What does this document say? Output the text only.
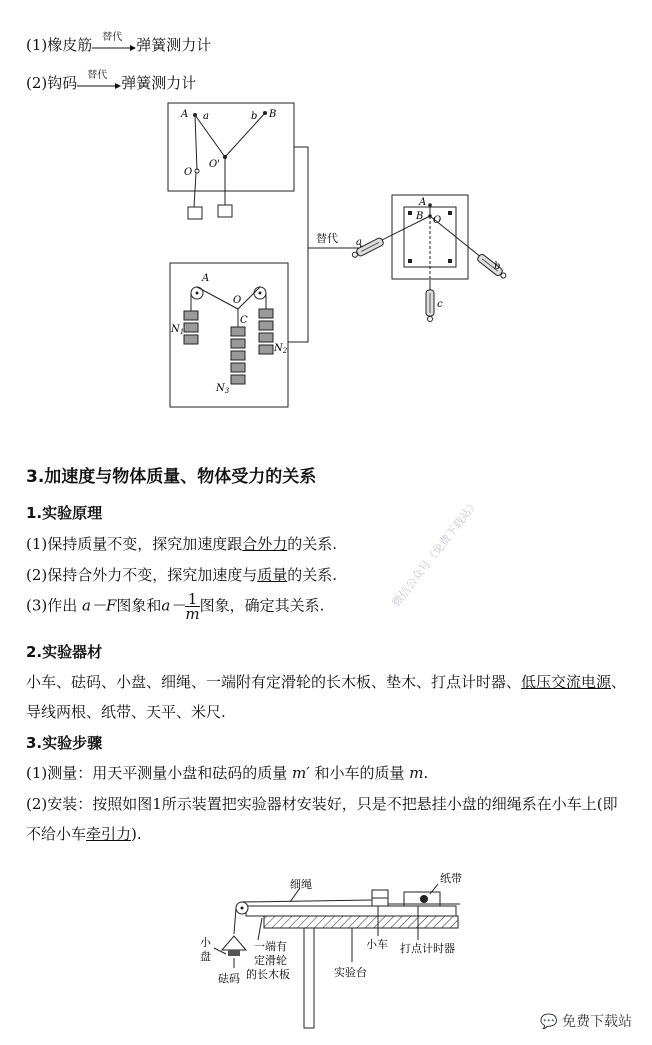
(1)橡皮筋 替代 弹簧测力计
(2)钩码 替代 弹簧测力计
A a	b B
O'
O
A
O
C
$N_1$
$N_2$
$N_3$
替代
A
B O
a
b
c
3.加速度与物体质量、物体受力的关系
1.实验原理
(1)保持质量不变，探究加速度跟合外力的关系.
(2)保持合外力不变，探究加速度与质量的关系.
(3)作出 a－F图象和$a- \frac{1}{m}$ 图象，确定其关系.
2.实验器材
小车、砝码、小盘、细绳、一端附有定滑轮的长木板、垫木、打点计时器、低压交流电源、
导线两根、纸带、天平、米尺.
3.实验步骤
(1)测量：用天平测量小盘和砝码的质量 m′ 和小车的质量 m.
(2)安装：按照如图1所示装置把实验器材安装好，只是不把悬挂小盘的细绳系在小车上(即
不给小车牵引力).
细绳	纸带
小车 打点计时器
小
盘
一端有
定滑轮
的长木板
砝码	实验台
微信公众号《免费下载站》
💬 免费下载站
